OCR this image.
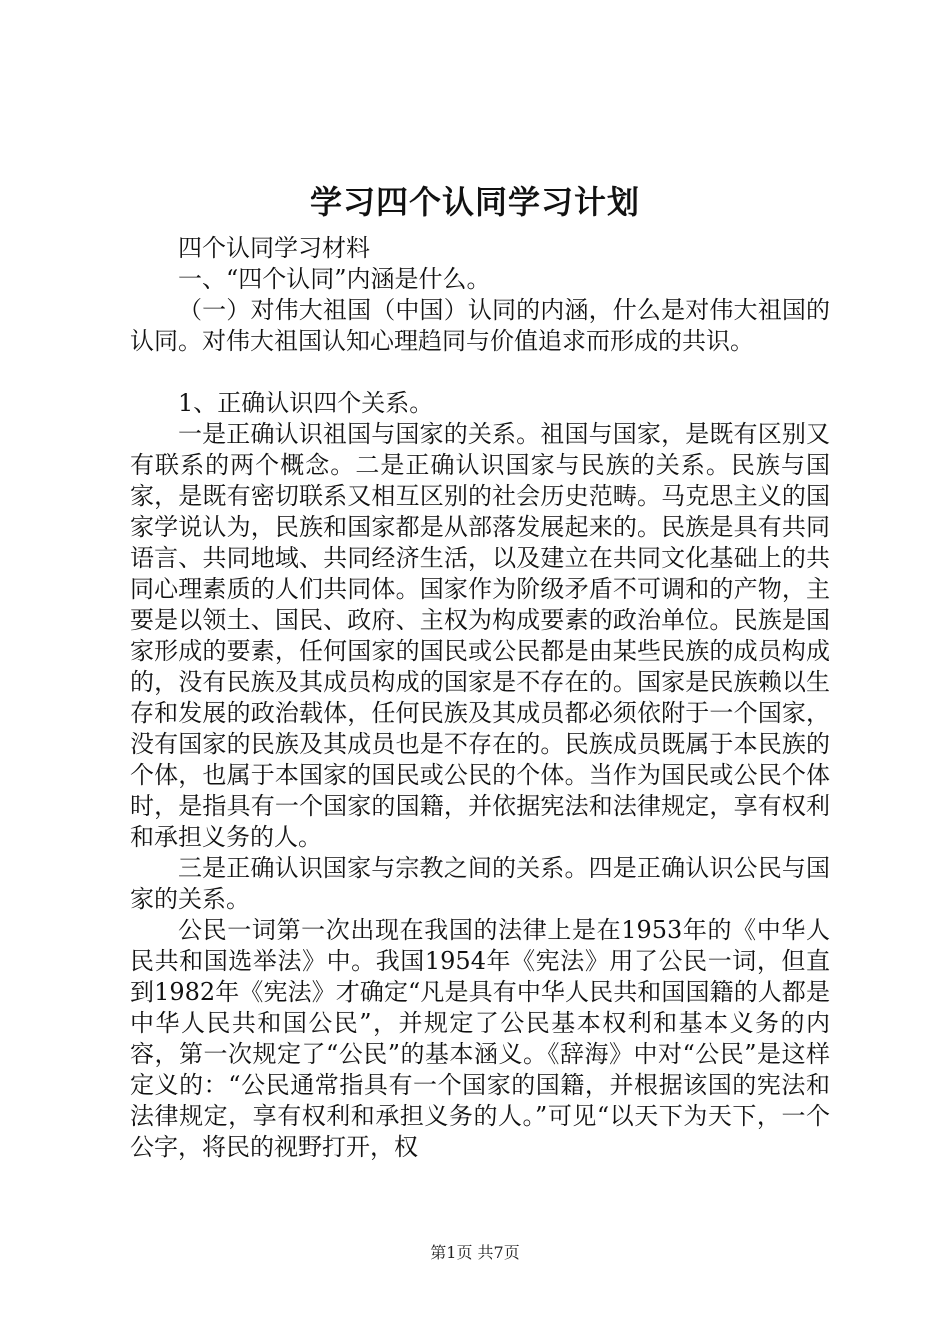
学习四个认同学习计划

四个认同学习材料

一、“四个认同”内涵是什么。

（一）对伟大祖国（中国）认同的内涵，什么是对伟大祖国的认同。对伟大祖国认知心理趋同与价值追求而形成的共识。

1、正确认识四个关系。

一是正确认识祖国与国家的关系。祖国与国家，是既有区别又有联系的两个概念。二是正确认识国家与民族的关系。民族与国家，是既有密切联系又相互区别的社会历史范畴。马克思主义的国家学说认为，民族和国家都是从部落发展起来的。民族是具有共同语言、共同地域、共同经济生活，以及建立在共同文化基础上的共同心理素质的人们共同体。国家作为阶级矛盾不可调和的产物，主要是以领土、国民、政府、主权为构成要素的政治单位。民族是国家形成的要素，任何国家的国民或公民都是由某些民族的成员构成的，没有民族及其成员构成的国家是不存在的。国家是民族赖以生存和发展的政治载体，任何民族及其成员都必须依附于一个国家，没有国家的民族及其成员也是不存在的。民族成员既属于本民族的个体，也属于本国家的国民或公民的个体。当作为国民或公民个体时，是指具有一个国家的国籍，并依据宪法和法律规定，享有权利和承担义务的人。

三是正确认识国家与宗教之间的关系。四是正确认识公民与国家的关系。

公民一词第一次出现在我国的法律上是在1953年的《中华人民共和国选举法》中。我国1954年《宪法》用了公民一词，但直到1982年《宪法》才确定“凡是具有中华人民共和国国籍的人都是中华人民共和国公民”，并规定了公民基本权利和基本义务的内容，第一次规定了“公民”的基本涵义。《辞海》中对“公民”是这样定义的：“公民通常指具有一个国家的国籍，并根据该国的宪法和法律规定，享有权利和承担义务的人。”可见“以天下为天下，一个公字，将民的视野打开，权

第1页 共7页
